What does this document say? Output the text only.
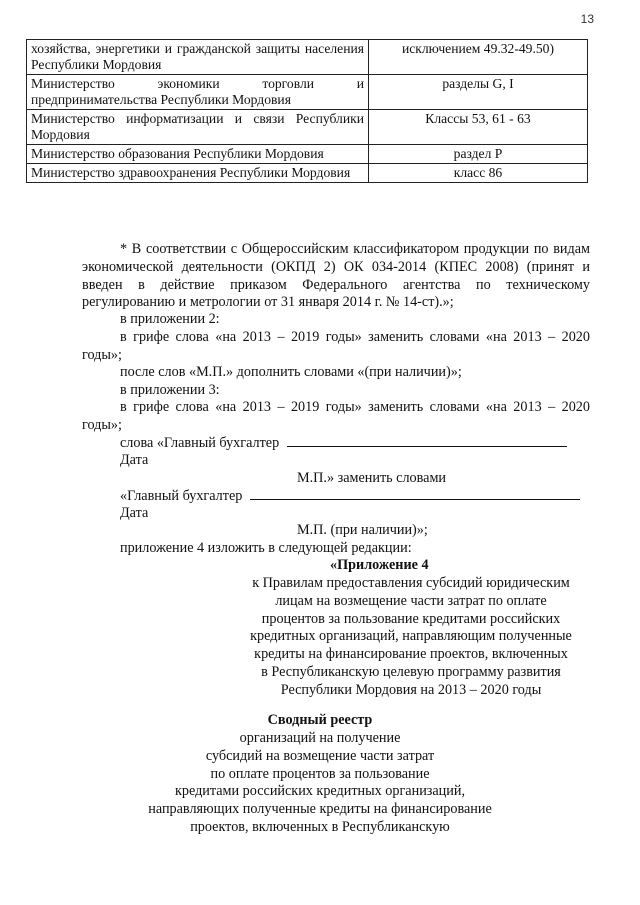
13
хозяйства, энергетики и гражданской защиты населения Республики Мордовия	исключением 49.32-49.50)
Министерство экономики торговли и предпринимательства Республики Мордовия	разделы G, I
Министерство информатизации и связи Республики Мордовия	Классы 53, 61 - 63
Министерство образования Республики Мордовия	раздел P
Министерство здравоохранения Республики Мордовия	класс 86
* В соответствии с Общероссийским классификатором продукции по видам экономической деятельности (ОКПД 2) ОК 034-2014 (КПЕС 2008) (принят и введен в действие приказом Федерального агентства по техническому регулированию и метрологии от 31 января 2014 г. № 14-ст).»;
в приложении 2:
в грифе слова «на 2013 – 2019 годы» заменить словами «на 2013 – 2020 годы»;
после слов «М.П.» дополнить словами «(при наличии)»;
в приложении 3:
в грифе слова «на 2013 – 2019 годы» заменить словами «на 2013 – 2020 годы»;
слова «Главный бухгалтер
Дата
М.П.» заменить словами
«Главный бухгалтер
Дата
М.П. (при наличии)»;
приложение 4 изложить в следующей редакции:
«Приложение 4
к Правилам предоставления субсидий юридическим
лицам на возмещение части затрат по оплате
процентов за пользование кредитами российских
кредитных организаций, направляющим полученные
кредиты на финансирование проектов, включенных
в Республиканскую целевую программу развития
Республики Мордовия на 2013 – 2020 годы
Сводный реестр
организаций на получение
субсидий на возмещение части затрат
по оплате процентов за пользование
кредитами российских кредитных организаций,
направляющих полученные кредиты на финансирование
проектов, включенных в Республиканскую
